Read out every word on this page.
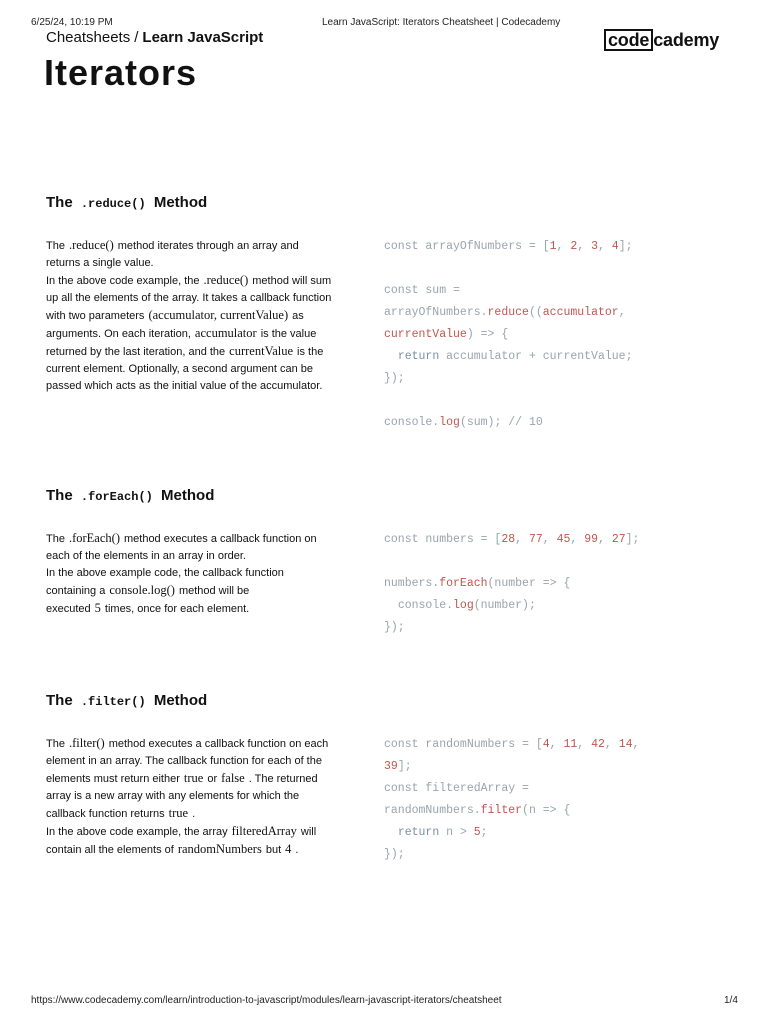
6/25/24, 10:19 PM	Learn JavaScript: Iterators Cheatsheet | Codecademy
Cheatsheets / Learn JavaScript	code cademy
Iterators
The .reduce() Method

The .reduce() method iterates through an array and returns a single value.

In the above code example, the .reduce() method will sum up all the elements of the array. It takes a callback function with two parameters (accumulator, currentValue) as arguments. On each iteration, accumulator is the value returned by the last iteration, and the currentValue is the current element. Optionally, a second argument can be passed which acts as the initial value of the accumulator.

const arrayOfNumbers = [1, 2, 3, 4];

const sum =
arrayOfNumbers.reduce((accumulator,
currentValue) => {
return accumulator + currentValue;
});

console.log(sum); // 10
The .forEach() Method

The .forEach() method executes a callback function on each of the elements in an array in order.

In the above example code, the callback function containing a console.log() method will be executed 5 times, once for each element.

const numbers = [28, 77, 45, 99, 27];

numbers.forEach(number => {
console.log(number);
});
The .filter() Method

The .filter() method executes a callback function on each element in an array. The callback function for each of the elements must return either true or false . The returned array is a new array with any elements for which the callback function returns true .

In the above code example, the array filteredArray will contain all the elements of randomNumbers but 4 .

const randomNumbers = [4, 11, 42, 14,
39];
const filteredArray =
randomNumbers.filter(n => {
return n > 5;
});
https://www.codecademy.com/learn/introduction-to-javascript/modules/learn-javascript-iterators/cheatsheet	1/4
